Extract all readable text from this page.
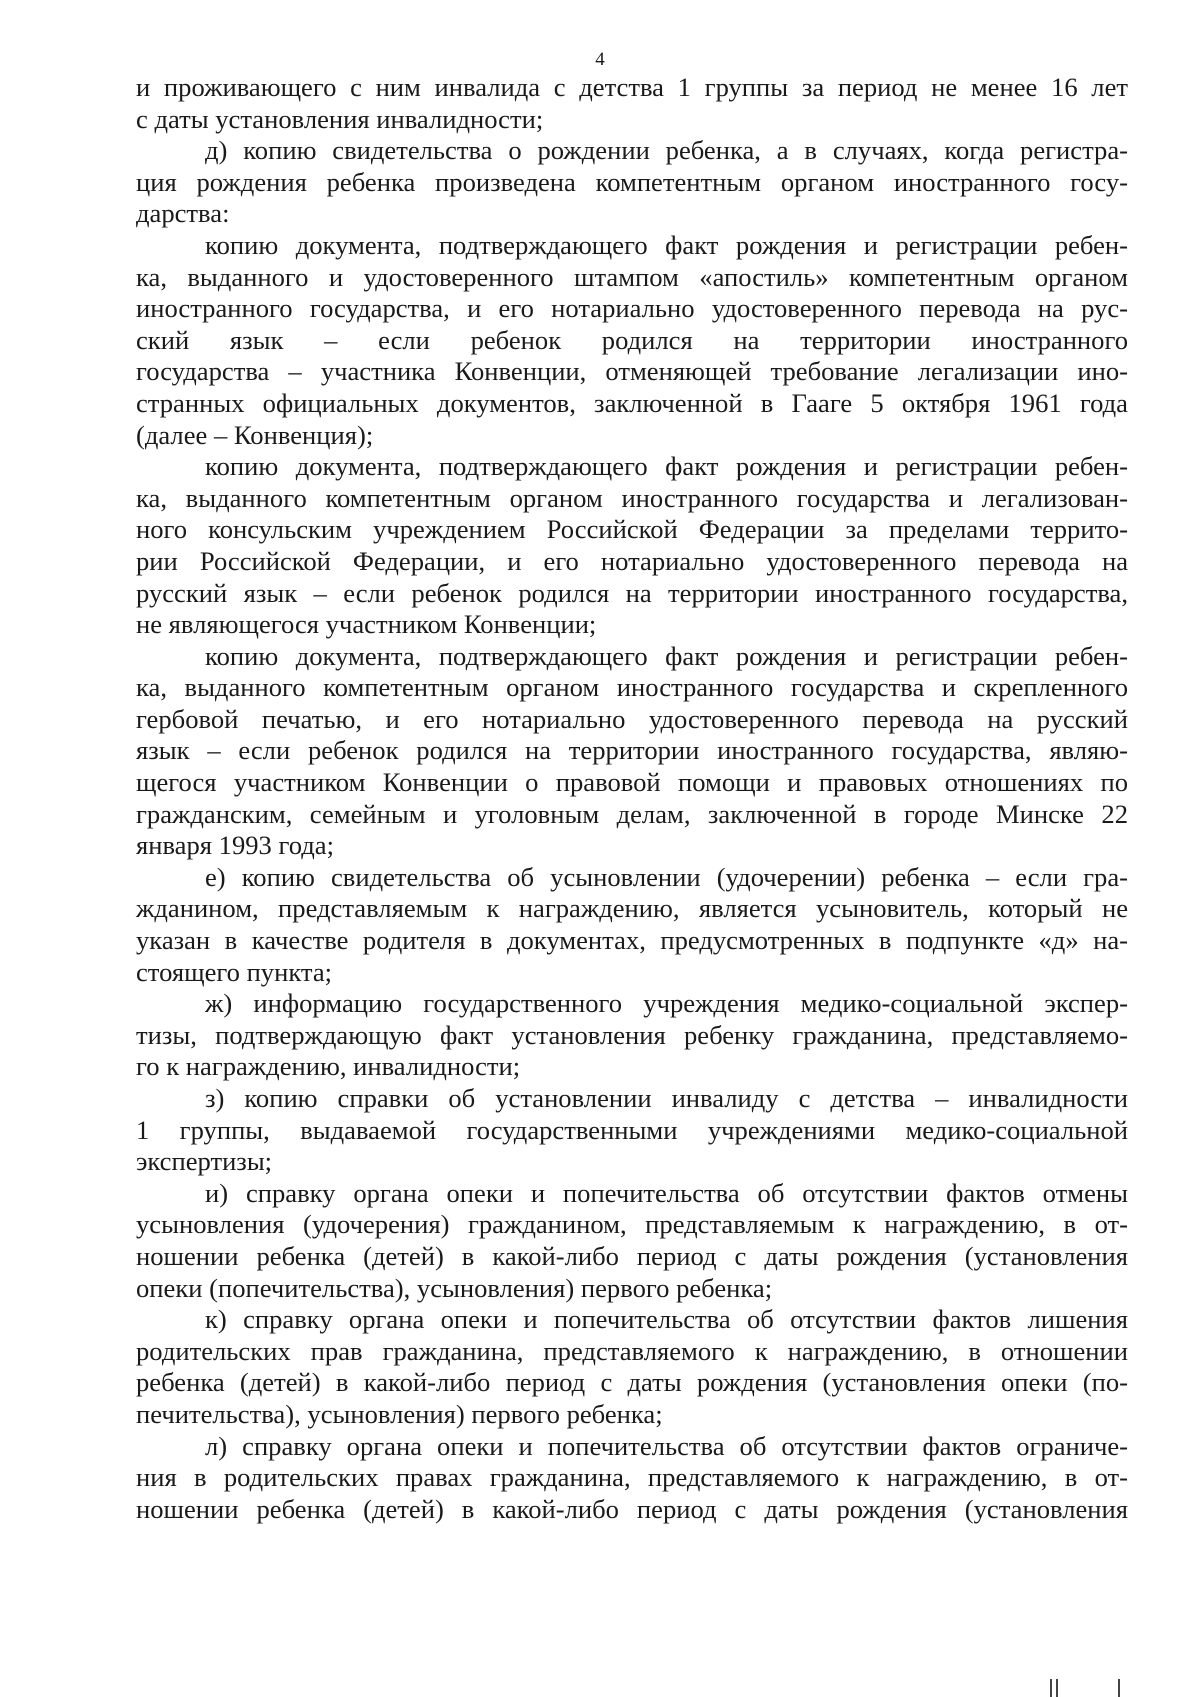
4
и проживающего с ним инвалида с детства 1 группы за период не менее 16 лет
с даты установления инвалидности;
д) копию свидетельства о рождении ребенка, а в случаях, когда регистра-
ция рождения ребенка произведена компетентным органом иностранного госу-
дарства:
копию документа, подтверждающего факт рождения и регистрации ребен-
ка, выданного и удостоверенного штампом «апостиль» компетентным органом
иностранного государства, и его нотариально удостоверенного перевода на рус-
ский язык – если ребенок родился на территории иностранного
государства – участника Конвенции, отменяющей требование легализации ино-
странных официальных документов, заключенной в Гааге 5 октября 1961 года
(далее – Конвенция);
копию документа, подтверждающего факт рождения и регистрации ребен-
ка, выданного компетентным органом иностранного государства и легализован-
ного консульским учреждением Российской Федерации за пределами террито-
рии Российской Федерации, и его нотариально удостоверенного перевода на
русский язык – если ребенок родился на территории иностранного государства,
не являющегося участником Конвенции;
копию документа, подтверждающего факт рождения и регистрации ребен-
ка, выданного компетентным органом иностранного государства и скрепленного
гербовой печатью, и его нотариально удостоверенного перевода на русский
язык – если ребенок родился на территории иностранного государства, являю-
щегося участником Конвенции о правовой помощи и правовых отношениях по
гражданским, семейным и уголовным делам, заключенной в городе Минске 22
января 1993 года;
е) копию свидетельства об усыновлении (удочерении) ребенка – если гра-
жданином, представляемым к награждению, является усыновитель, который не
указан в качестве родителя в документах, предусмотренных в подпункте «д» на-
стоящего пункта;
ж) информацию государственного учреждения медико-социальной экспер-
тизы, подтверждающую факт установления ребенку гражданина, представляемо-
го к награждению, инвалидности;
з) копию справки об установлении инвалиду с детства – инвалидности
1 группы, выдаваемой государственными учреждениями медико-социальной
экспертизы;
и) справку органа опеки и попечительства об отсутствии фактов отмены
усыновления (удочерения) гражданином, представляемым к награждению, в от-
ношении ребенка (детей) в какой-либо период с даты рождения (установления
опеки (попечительства), усыновления) первого ребенка;
к) справку органа опеки и попечительства об отсутствии фактов лишения
родительских прав гражданина, представляемого к награждению, в отношении
ребенка (детей) в какой-либо период с даты рождения (установления опеки (по-
печительства), усыновления) первого ребенка;
л) справку органа опеки и попечительства об отсутствии фактов ограниче-
ния в родительских правах гражданина, представляемого к награждению, в от-
ношении ребенка (детей) в какой-либо период с даты рождения (установления
